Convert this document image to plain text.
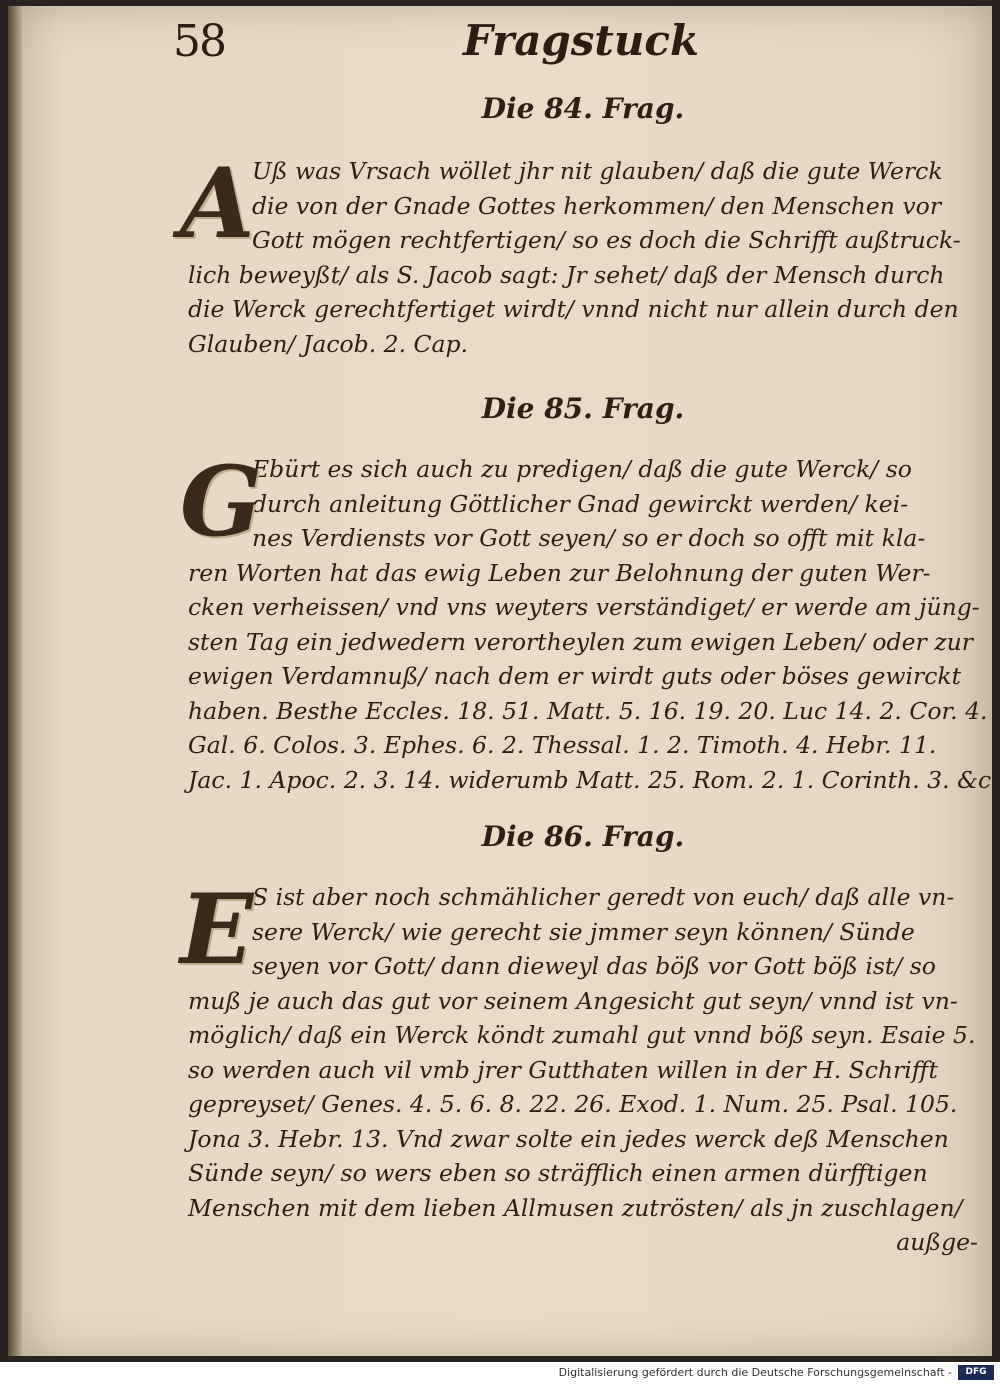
58	Fragstuck
Die 84. Frag.
A
Uß was Vrsach wöllet jhr nit glauben/ daß die gute Werck
die von der Gnade Gottes herkommen/ den Menschen vor
Gott mögen rechtfertigen/ so es doch die Schrifft außtruck-
lich beweyßt/ als S. Jacob sagt: Jr sehet/ daß der Mensch durch
die Werck gerechtfertiget wirdt/ vnnd nicht nur allein durch den
Glauben/ Jacob. 2. Cap.
Die 85. Frag.
G
Ebürt es sich auch zu predigen/ daß die gute Werck/ so
durch anleitung Göttlicher Gnad gewirckt werden/ kei-
nes Verdiensts vor Gott seyen/ so er doch so offt mit kla-
ren Worten hat das ewig Leben zur Belohnung der guten Wer-
cken verheissen/ vnd vns weyters verständiget/ er werde am jüng-
sten Tag ein jedwedern verortheylen zum ewigen Leben/ oder zur
ewigen Verdamnuß/ nach dem er wirdt guts oder böses gewirckt
haben. Besthe Eccles. 18. 51. Matt. 5. 16. 19. 20. Luc 14. 2. Cor. 4.
Gal. 6. Colos. 3. Ephes. 6. 2. Thessal. 1. 2. Timoth. 4. Hebr. 11.
Jac. 1. Apoc. 2. 3. 14. widerumb Matt. 25. Rom. 2. 1. Corinth. 3. &c.
Die 86. Frag.
E
S ist aber noch schmählicher geredt von euch/ daß alle vn-
sere Werck/ wie gerecht sie jmmer seyn können/ Sünde
seyen vor Gott/ dann dieweyl das böß vor Gott böß ist/ so
muß je auch das gut vor seinem Angesicht gut seyn/ vnnd ist vn-
möglich/ daß ein Werck köndt zumahl gut vnnd böß seyn. Esaie 5.
so werden auch vil vmb jrer Gutthaten willen in der H. Schrifft
gepreyset/ Genes. 4. 5. 6. 8. 22. 26. Exod. 1. Num. 25. Psal. 105.
Jona 3. Hebr. 13. Vnd zwar solte ein jedes werck deß Menschen
Sünde seyn/ so wers eben so sträfflich einen armen dürfftigen
Menschen mit dem lieben Allmusen zutrösten/ als jn zuschlagen/
außge-
Digitalisierung gefördert durch die Deutsche Forschungsgemeinschaft -	DFG
